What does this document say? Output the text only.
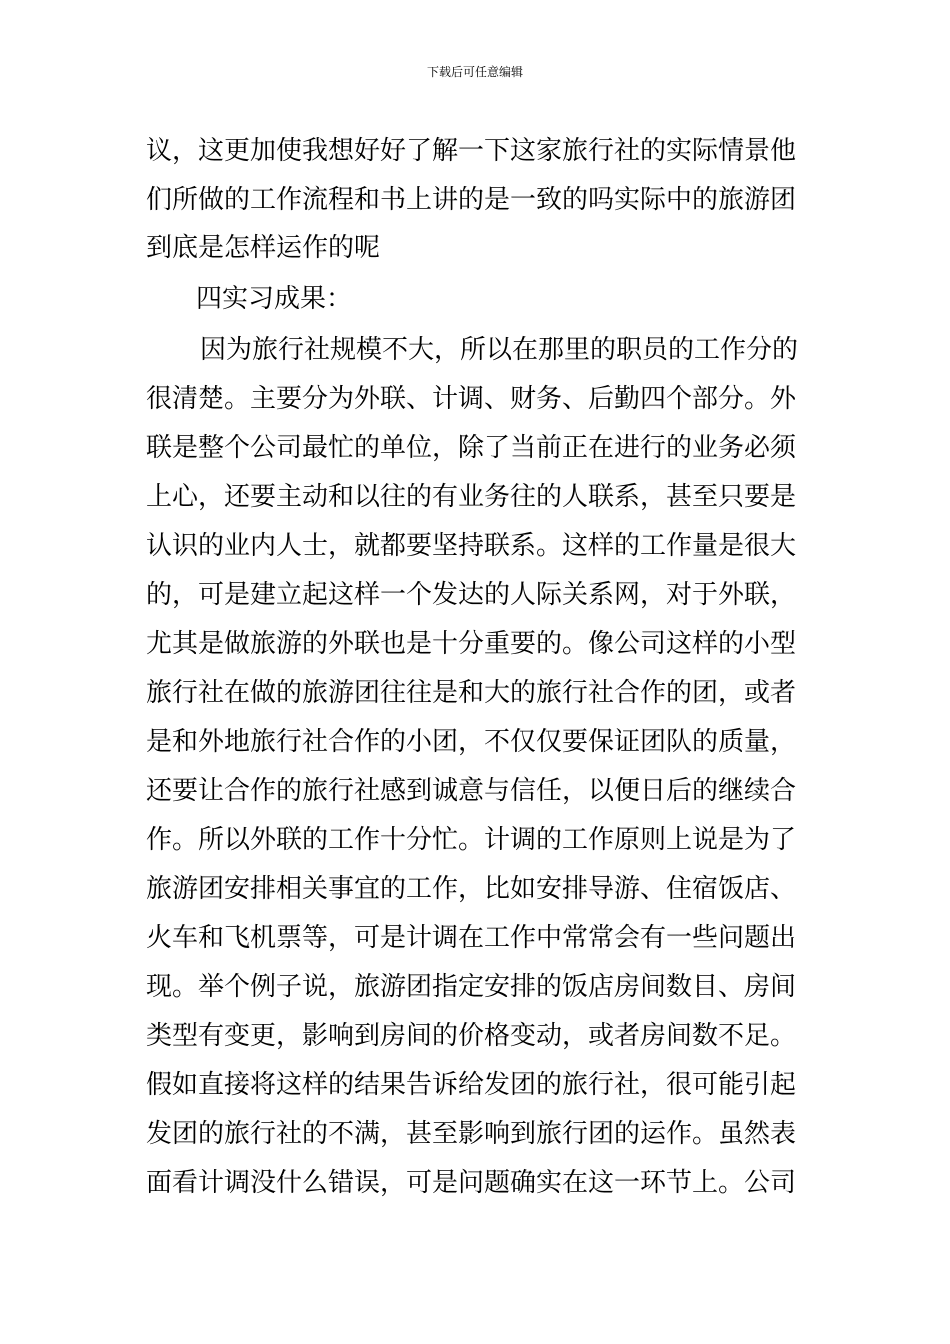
下载后可任意编辑
议，这更加使我想好好了解一下这家旅行社的实际情景他
们所做的工作流程和书上讲的是一致的吗实际中的旅游团
到底是怎样运作的呢
四实习成果：
因为旅行社规模不大，所以在那里的职员的工作分的
很清楚。主要分为外联、计调、财务、后勤四个部分。外
联是整个公司最忙的单位，除了当前正在进行的业务必须
上心，还要主动和以往的有业务往的人联系，甚至只要是
认识的业内人士，就都要坚持联系。这样的工作量是很大
的，可是建立起这样一个发达的人际关系网，对于外联，
尤其是做旅游的外联也是十分重要的。像公司这样的小型
旅行社在做的旅游团往往是和大的旅行社合作的团，或者
是和外地旅行社合作的小团，不仅仅要保证团队的质量，
还要让合作的旅行社感到诚意与信任，以便日后的继续合
作。所以外联的工作十分忙。计调的工作原则上说是为了
旅游团安排相关事宜的工作，比如安排导游、住宿饭店、
火车和飞机票等，可是计调在工作中常常会有一些问题出
现。举个例子说，旅游团指定安排的饭店房间数目、房间
类型有变更，影响到房间的价格变动，或者房间数不足。
假如直接将这样的结果告诉给发团的旅行社，很可能引起
发团的旅行社的不满，甚至影响到旅行团的运作。虽然表
面看计调没什么错误，可是问题确实在这一环节上。公司
